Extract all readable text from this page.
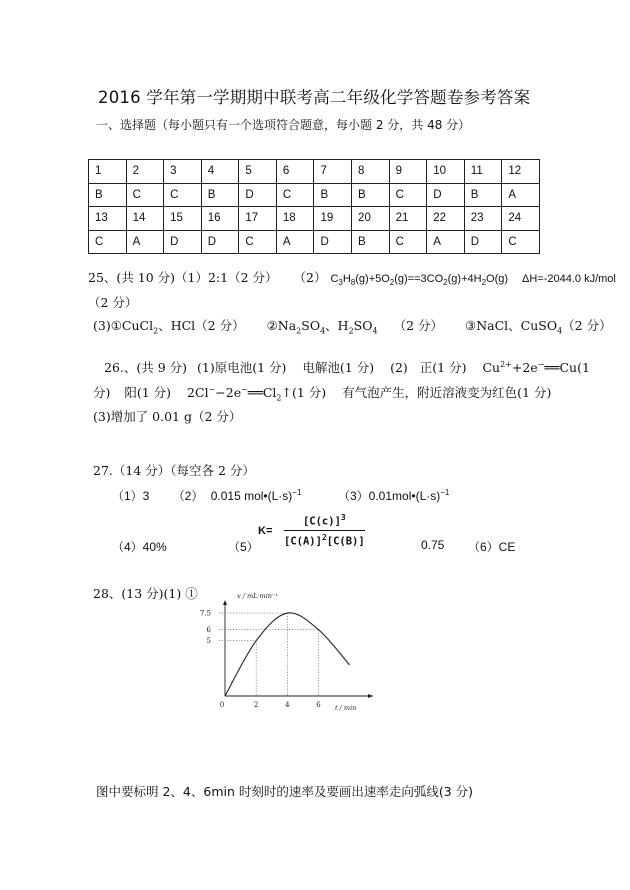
2016 学年第一学期期中联考高二年级化学答题卷参考答案
一、选择题（每小题只有一个选项符合题意，每小题 2 分，共 48 分）
1	2	3	4	5	6	7	8	9	10	11	12
B	C	C	B	D	C	B	B	C	D	B	A
13	14	15	16	17	18	19	20	21	22	23	24
C	A	D	D	C	A	D	B	C	A	D	C
25、(共 10 分)（1）2:1（2 分） （2） $C_3H_8(g)+5O_2(g)==3CO_2(g)+4H_2O(g)$ ΔH=-2044.0 kJ/mol
（2 分）
(3)①CuCl$_2$、HCl（2 分） $②Na_2SO_4$、$H_2SO_4$ （2 分） ③NaCl、CuSO$_4$（2 分）
26.、(共 9 分) (1)原电池(1 分) 电解池(1 分) (2) 正(1 分) $Cu^{2+}+2e^-══Cu(1$
分) 阳(1 分) $2Cl^--2e^-══Cl_2↑(1$ 分) 有气泡产生，附近溶液变为红色(1 分)
(3)增加了 0.01 g（2 分）
27.（14 分）（每空各 2 分）
（1）3 （2） 0.015 $mol•(L\cdot s)^{-1}$	$(3)0.01mol•(L\cdot s)^{-1}$
$K= \frac{[C(c)]^3}{[C(A)]^2[C(B)]}$
（4）40%	（5）	0.75 （6）CE
28、(13 分)(1) ①	v / mL·min⁻¹
t / min
0	2	4	6
5
6
7.5
图中要标明 2、4、6min 时刻时的速率及要画出速率走向弧线(3 分)
